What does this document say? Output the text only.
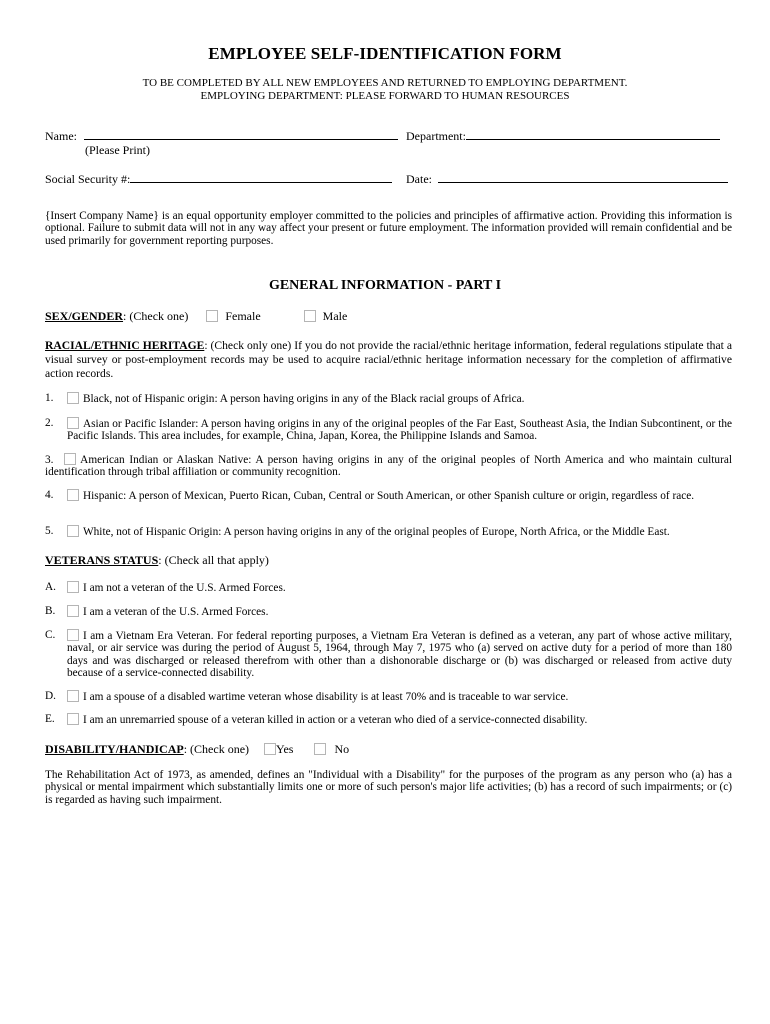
EMPLOYEE SELF-IDENTIFICATION FORM
TO BE COMPLETED BY ALL NEW EMPLOYEES AND RETURNED TO EMPLOYING DEPARTMENT.
EMPLOYING DEPARTMENT: PLEASE FORWARD TO HUMAN RESOURCES
Name:	Department:
(Please Print)
Social Security #:	Date:
{Insert Company Name} is an equal opportunity employer committed to the policies and principles of affirmative action. Providing this information is optional. Failure to submit data will not in any way affect your present or future employment. The information provided will remain confidential and be used primarily for government reporting purposes.
GENERAL INFORMATION - PART I
SEX/GENDER: (Check one)	Female	Male
RACIAL/ETHNIC HERITAGE: (Check only one) If you do not provide the racial/ethnic heritage information, federal regulations stipulate that a visual survey or post-employment records may be used to acquire racial/ethnic heritage information necessary for the completion of affirmative action records.
1.	Black, not of Hispanic origin: A person having origins in any of the Black racial groups of Africa.
2.	Asian or Pacific Islander: A person having origins in any of the original peoples of the Far East, Southeast Asia, the Indian Subcontinent, or the Pacific Islands. This area includes, for example, China, Japan, Korea, the Philippine Islands and Samoa.
3. American Indian or Alaskan Native: A person having origins in any of the original peoples of North America and who maintain cultural identification through tribal affiliation or community recognition.
4.	Hispanic: A person of Mexican, Puerto Rican, Cuban, Central or South American, or other Spanish culture or origin, regardless of race.
5.	White, not of Hispanic Origin: A person having origins in any of the original peoples of Europe, North Africa, or the Middle East.
VETERANS STATUS: (Check all that apply)
A.	I am not a veteran of the U.S. Armed Forces.
B.	I am a veteran of the U.S. Armed Forces.
C.	I am a Vietnam Era Veteran. For federal reporting purposes, a Vietnam Era Veteran is defined as a veteran, any part of whose active military, naval, or air service was during the period of August 5, 1964, through May 7, 1975 who (a) served on active duty for a period of more than 180 days and was discharged or released therefrom with other than a dishonorable discharge or (b) was discharged or released from active duty because of a service-connected disability.
D.	I am a spouse of a disabled wartime veteran whose disability is at least 70% and is traceable to war service.
E.	I am an unremarried spouse of a veteran killed in action or a veteran who died of a service-connected disability.
DISABILITY/HANDICAP: (Check one) Yes	No
The Rehabilitation Act of 1973, as amended, defines an "Individual with a Disability" for the purposes of the program as any person who (a) has a physical or mental impairment which substantially limits one or more of such person's major life activities; (b) has a record of such impairments; or (c) is regarded as having such impairment.
